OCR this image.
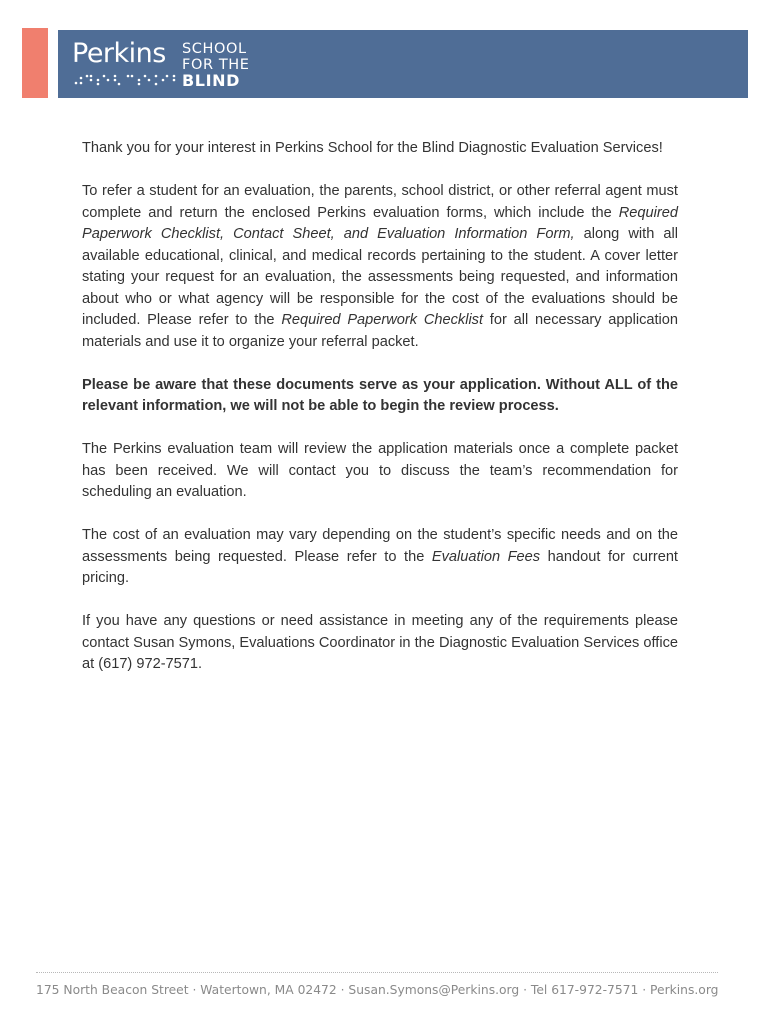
Perkins SCHOOL
FOR THE
BLIND

Thank you for your interest in Perkins School for the Blind Diagnostic Evaluation Services!

To refer a student for an evaluation, the parents, school district, or other referral agent must complete and return the enclosed Perkins evaluation forms, which include the Required Paperwork Checklist, Contact Sheet, and Evaluation Information Form, along with all available educational, clinical, and medical records pertaining to the student. A cover letter stating your request for an evaluation, the assessments being requested, and information about who or what agency will be responsible for the cost of the evaluations should be included. Please refer to the Required Paperwork Checklist for all necessary application materials and use it to organize your referral packet.

Please be aware that these documents serve as your application. Without ALL of the relevant information, we will not be able to begin the review process.

The Perkins evaluation team will review the application materials once a complete packet has been received. We will contact you to discuss the team’s recommendation for scheduling an evaluation.

The cost of an evaluation may vary depending on the student’s specific needs and on the assessments being requested. Please refer to the Evaluation Fees handout for current pricing.

If you have any questions or need assistance in meeting any of the requirements please contact Susan Symons, Evaluations Coordinator in the Diagnostic Evaluation Services office at (617) 972-7571.

175 North Beacon Street · Watertown, MA 02472 · Susan.Symons@Perkins.org · Tel 617-972-7571 · Perkins.org
